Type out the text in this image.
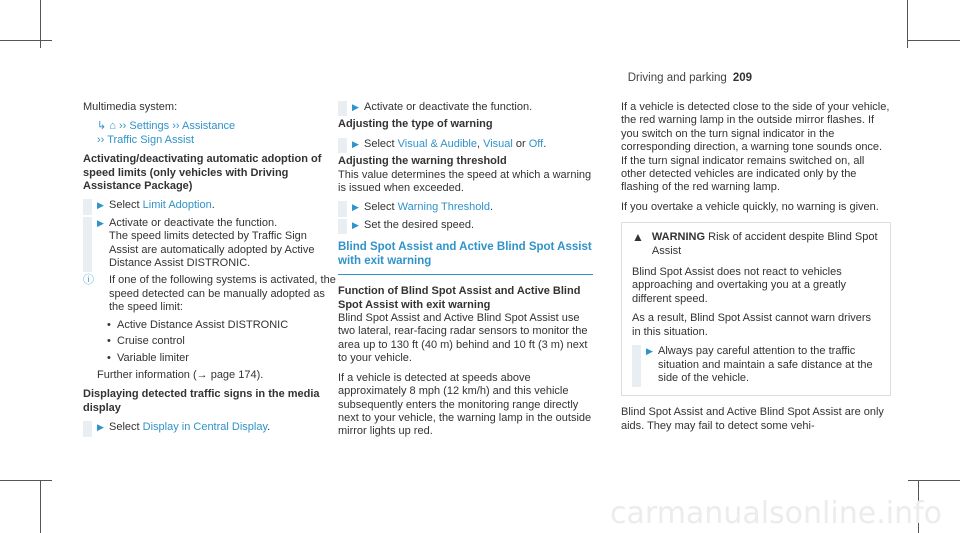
Driving and parking 209
Multimedia system:
↳ ⌂ ›› Settings ›› Assistance
›› Traffic Sign Assist
Activating/deactivating automatic adoption of speed limits (only vehicles with Driving Assistance Package)
▶ Select Limit Adoption.
▶ Activate or deactivate the function.
The speed limits detected by Traffic Sign Assist are automatically adopted by Active Distance Assist DISTRONIC.
ⓘ If one of the following systems is activated, the speed detected can be manually adopted as the speed limit:
• Active Distance Assist DISTRONIC
• Cruise control
• Variable limiter
Further information (→ page 174).
Displaying detected traffic signs in the media display
▶ Select Display in Central Display.
▶ Activate or deactivate the function.
Adjusting the type of warning
▶ Select Visual & Audible, Visual or Off.
Adjusting the warning threshold
This value determines the speed at which a warning is issued when exceeded.
▶ Select Warning Threshold.
▶ Set the desired speed.
Blind Spot Assist and Active Blind Spot Assist with exit warning
Function of Blind Spot Assist and Active Blind Spot Assist with exit warning
Blind Spot Assist and Active Blind Spot Assist use two lateral, rear-facing radar sensors to monitor the area up to 130 ft (40 m) behind and 10 ft (3 m) next to your vehicle.
If a vehicle is detected at speeds above approximately 8 mph (12 km/h) and this vehicle subsequently enters the monitoring range directly next to your vehicle, the warning lamp in the outside mirror lights up red.
If a vehicle is detected close to the side of your vehicle, the red warning lamp in the outside mirror flashes. If you switch on the turn signal indicator in the corresponding direction, a warning tone sounds once. If the turn signal indicator remains switched on, all other detected vehicles are indicated only by the flashing of the red warning lamp.
If you overtake a vehicle quickly, no warning is given.
▲ WARNING Risk of accident despite Blind Spot Assist
Blind Spot Assist does not react to vehicles approaching and overtaking you at a greatly different speed.
As a result, Blind Spot Assist cannot warn drivers in this situation.
▶ Always pay careful attention to the traffic situation and maintain a safe distance at the side of the vehicle.
Blind Spot Assist and Active Blind Spot Assist are only aids. They may fail to detect some vehi-
carmanualsonline.info
